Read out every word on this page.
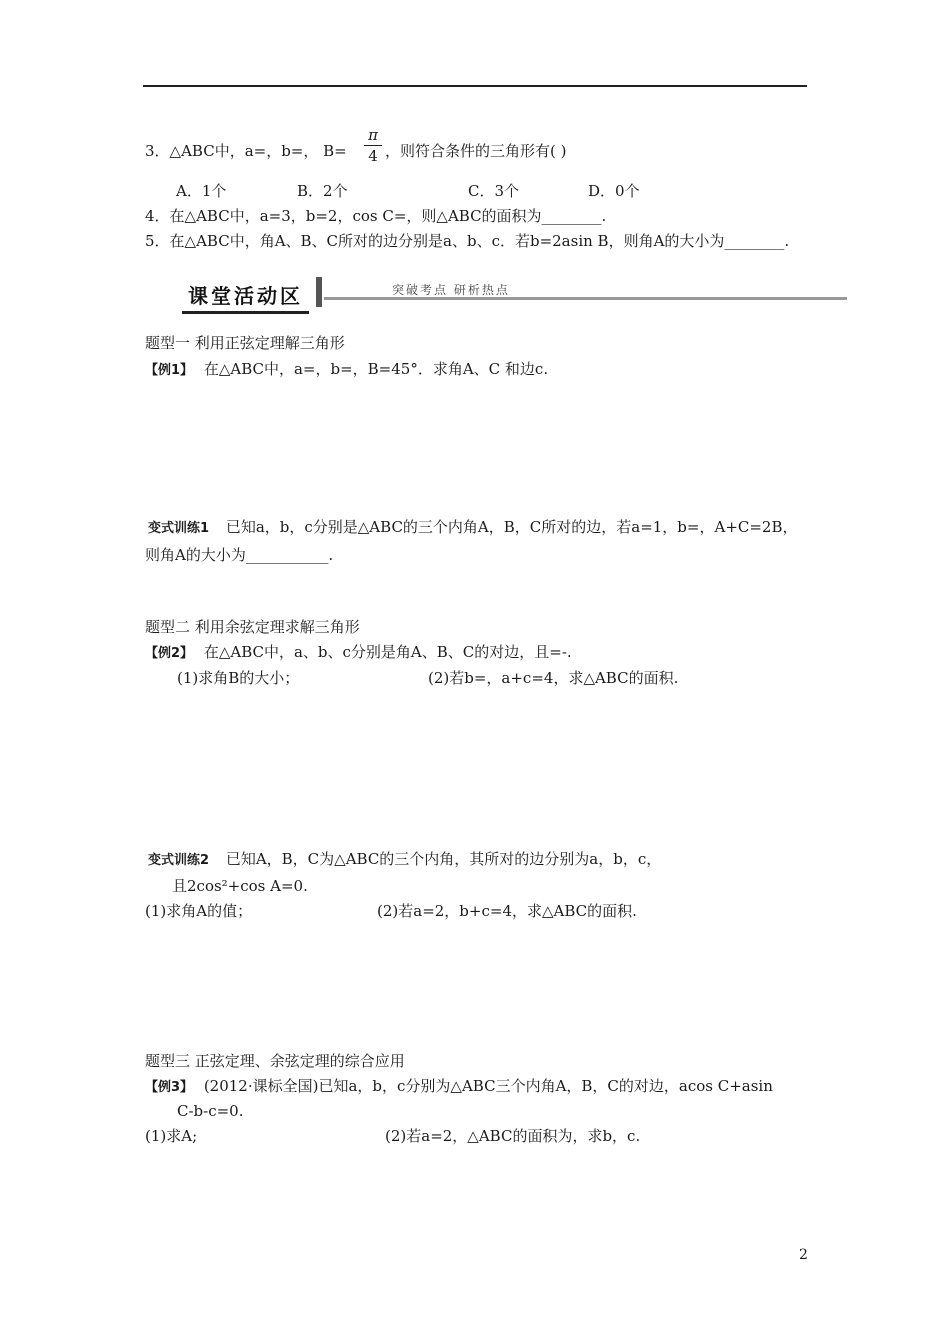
3．△ABC中，a=，b=， B=
π
4 ，则符合条件的三角形有( )
A．1个	B．2个	C．3个	D．0个
4．在△ABC中，a=3，b=2，cos C=，则△ABC的面积为________.
5．在△ABC中，角A、B、C所对的边分别是a、b、c．若b=2asin B，则角A的大小为________.
课堂活动区	突破考点 研析热点
题型一 利用正弦定理解三角形
【例1】 在△ABC中，a=，b=，B=45°．求角A、C 和边c.
变式训练1 已知a，b，c分别是△ABC的三个内角A，B，C所对的边，若a=1，b=，A+C=2B，
则角A的大小为___________.
题型二 利用余弦定理求解三角形
【例2】 在△ABC中，a、b、c分别是角A、B、C的对边，且=-.
(1)求角B的大小；	(2)若b=，a+c=4，求△ABC的面积.
变式训练2 已知A，B，C为△ABC的三个内角，其所对的边分别为a，b，c，
且2cos²+cos A=0.
(1)求角A的值；	(2)若a=2，b+c=4，求△ABC的面积.
题型三 正弦定理、余弦定理的综合应用
【例3】 (2012·课标全国)已知a，b，c分别为△ABC三个内角A，B，C的对边，acos C+asin
C-b-c=0.
(1)求A;	(2)若a=2，△ABC的面积为，求b，c.
2
